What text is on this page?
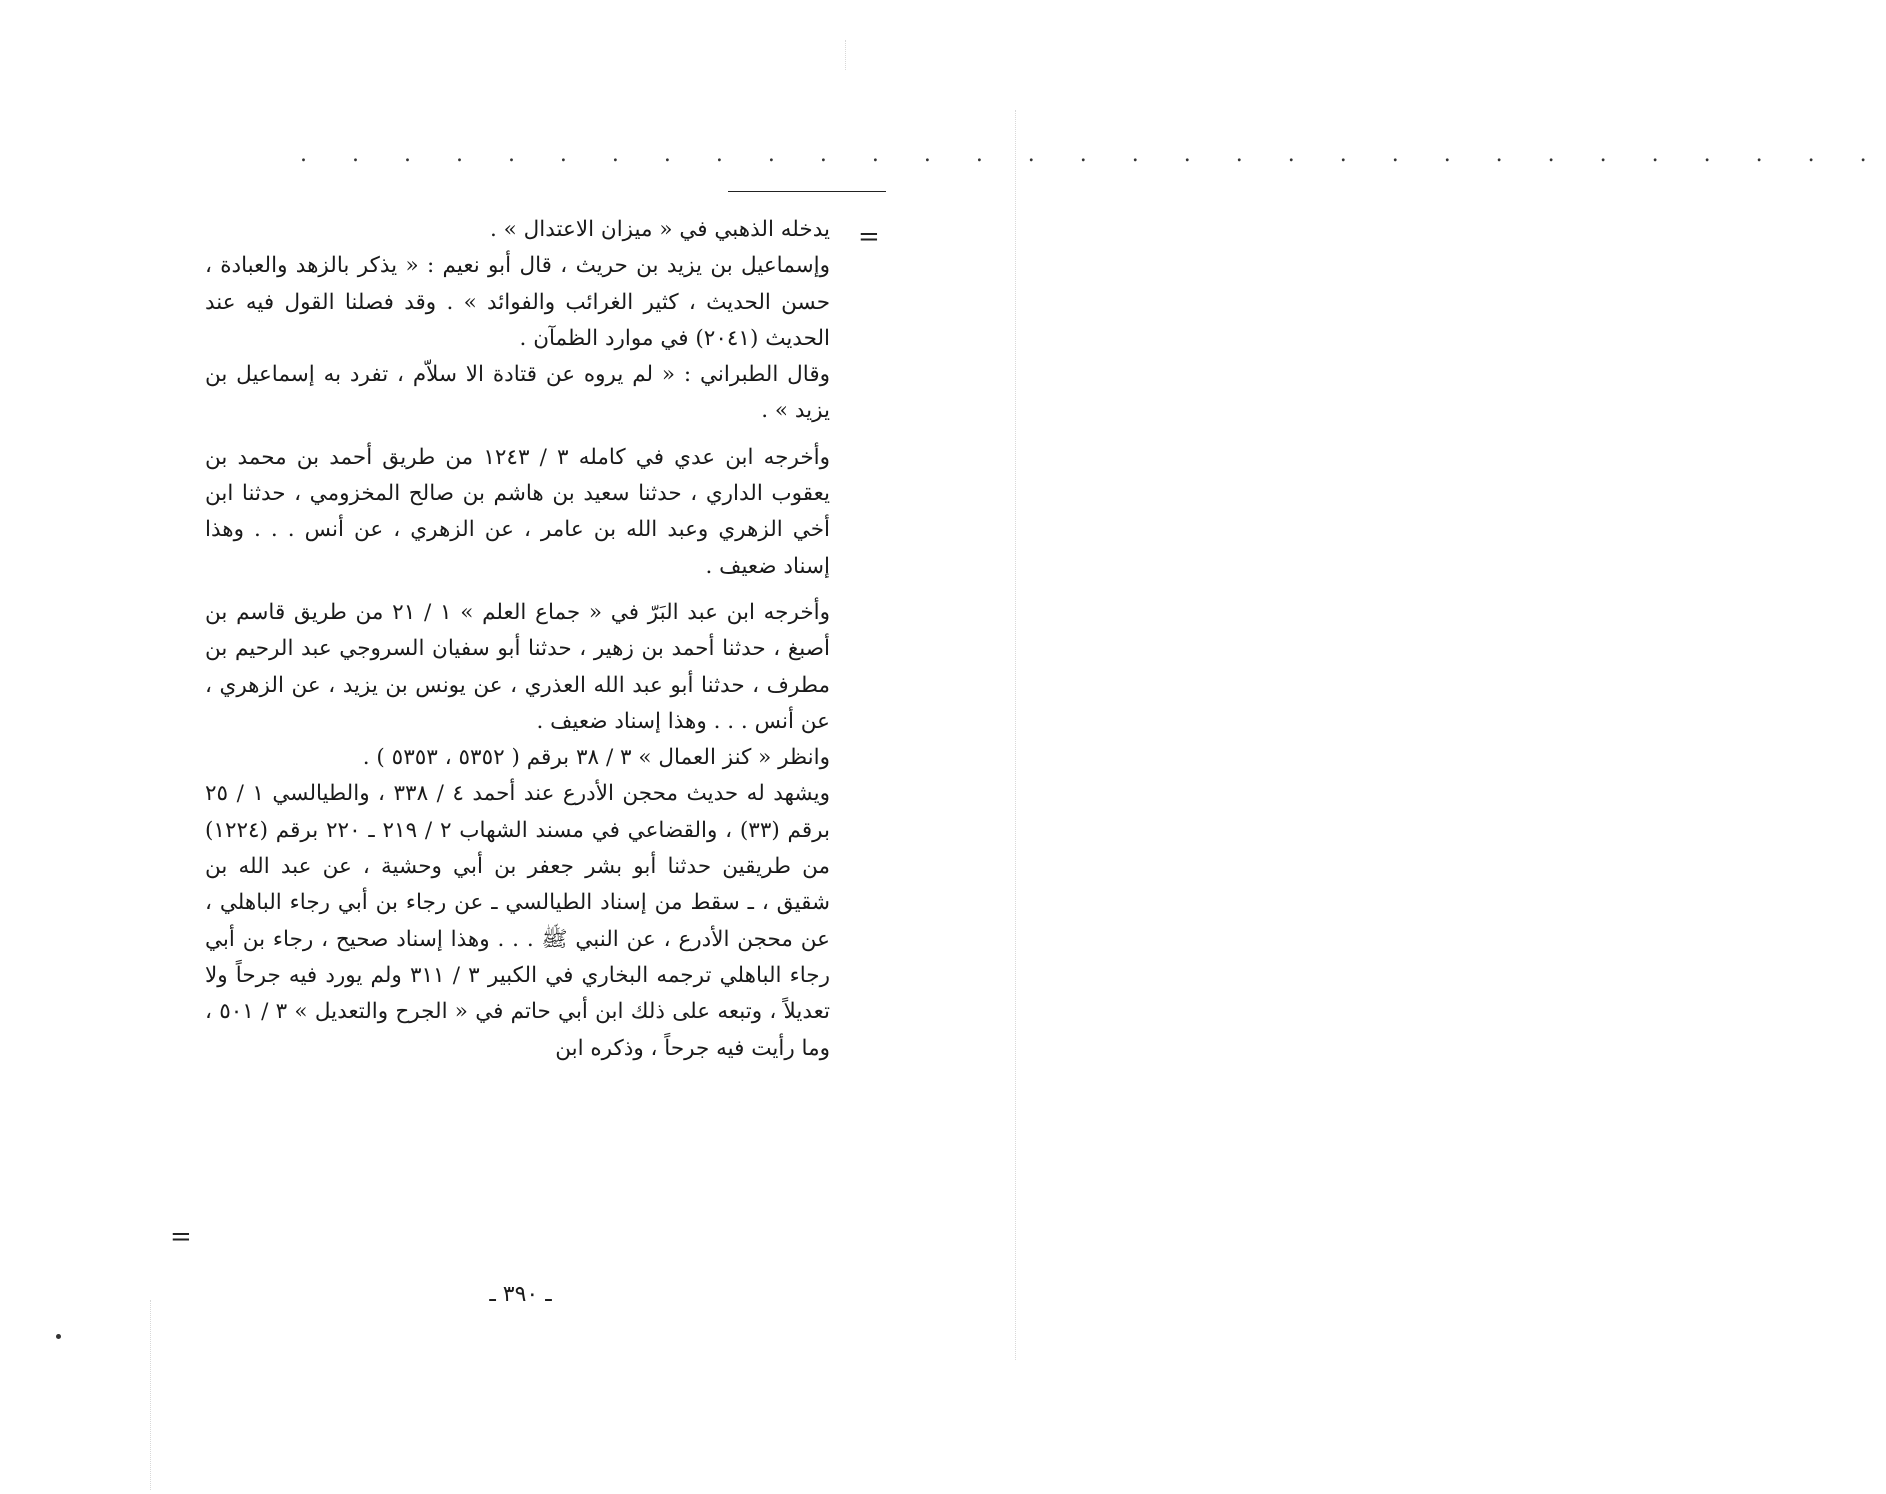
. . . . . . . . . . . . . . . . . . . . . . . . . . . . . . .
=

يدخله الذهبي في « ميزان الاعتدال » .

وإسماعيل بن يزيد بن حريث ، قال أبو نعيم : « يذكر بالزهد والعبادة ، حسن الحديث ، كثير الغرائب والفوائد » . وقد فصلنا القول فيه عند الحديث (٢٠٤١) في موارد الظمآن .

وقال الطبراني : « لم يروه عن قتادة الا سلاّم ، تفرد به إسماعيل بن يزيد » .

وأخرجه ابن عدي في كامله ٣ / ١٢٤٣ من طريق أحمد بن محمد بن يعقوب الداري ، حدثنا سعيد بن هاشم بن صالح المخزومي ، حدثنا ابن أخي الزهري وعبد الله بن عامر ، عن الزهري ، عن أنس . . . وهذا إسناد ضعيف .

وأخرجه ابن عبد البَرّ في « جماع العلم » ١ / ٢١ من طريق قاسم بن أصبغ ، حدثنا أحمد بن زهير ، حدثنا أبو سفيان السروجي عبد الرحيم بن مطرف ، حدثنا أبو عبد الله العذري ، عن يونس بن يزيد ، عن الزهري ، عن أنس . . . وهذا إسناد ضعيف .

وانظر « كنز العمال » ٣ / ٣٨ برقم ( ٥٣٥٢ ، ٥٣٥٣ ) .

ويشهد له حديث محجن الأدرع عند أحمد ٤ / ٣٣٨ ، والطيالسي ١ / ٢٥ برقم (٣٣) ، والقضاعي في مسند الشهاب ٢ / ٢١٩ ـ ٢٢٠ برقم (١٢٢٤) من طريقين حدثنا أبو بشر جعفر بن أبي وحشية ، عن عبد الله بن شقيق ، ـ سقط من إسناد الطيالسي ـ عن رجاء بن أبي رجاء الباهلي ، عن محجن الأدرع ، عن النبي ﷺ . . . وهذا إسناد صحيح ، رجاء بن أبي رجاء الباهلي ترجمه البخاري في الكبير ٣ / ٣١١ ولم يورد فيه جرحاً ولا تعديلاً ، وتبعه على ذلك ابن أبي حاتم في « الجرح والتعديل » ٣ / ٥٠١ ، وما رأيت فيه جرحاً ، وذكره ابن

=
ـ ٣٩٠ ـ
